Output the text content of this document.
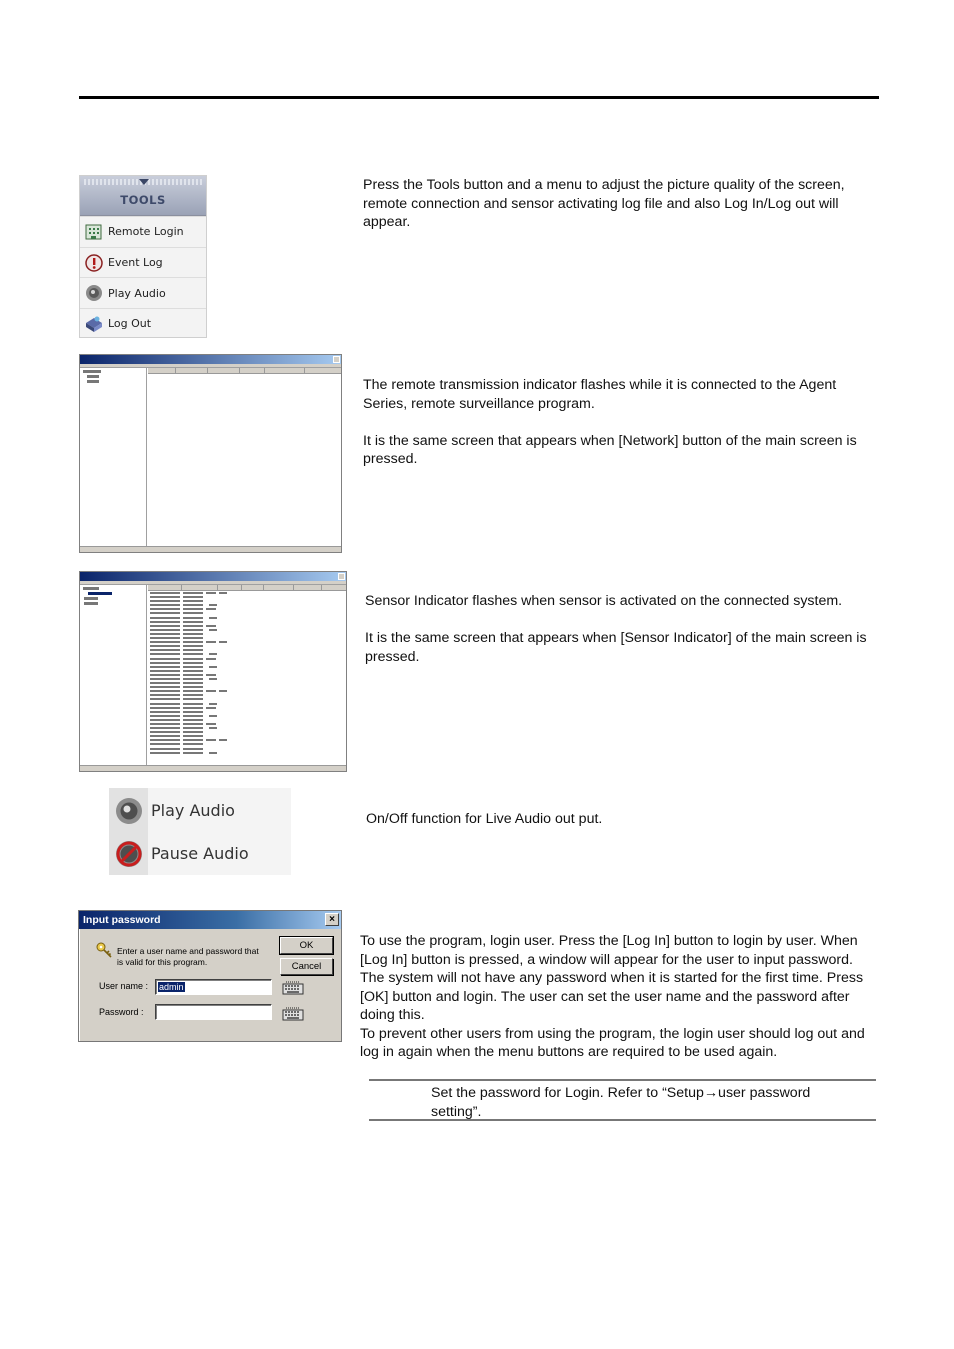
TOOLS
Remote Login
Event Log
Play Audio
Log Out

Press the Tools button and a menu to adjust the picture quality of the screen, remote connection and sensor activating log file and also Log In/Log out will appear.

The remote transmission indicator flashes while it is connected to the Agent Series, remote surveillance program.

It is the same screen that appears when [Network] button of the main screen is pressed.

Sensor Indicator flashes when sensor is activated on the connected system.

It is the same screen that appears when [Sensor Indicator] of the main screen is pressed.

Play Audio
Pause Audio

On/Off function for Live Audio out put.

Input password	×
Enter a user name and password that is valid for this program.
OK
Cancel
User name :	admin
Password :

To use the program, login user. Press the [Log In] button to login by user. When [Log In] button is pressed, a window will appear for the user to input password. The system will not have any password when it is started for the first time. Press [OK] button and login. The user can set the user name and the password after doing this.

To prevent other users from using the program, the login user should log out and log in again when the menu buttons are required to be used again.

Set the password for Login. Refer to “Setup→user password setting”.
